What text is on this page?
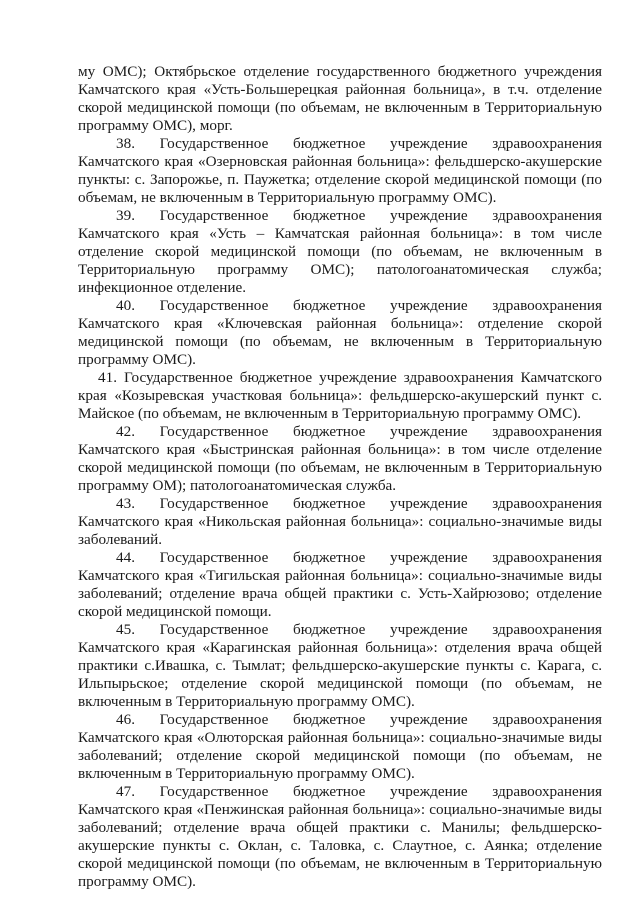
му ОМС); Октябрьское отделение государственного бюджетного учреждения Камчатского края «Усть-Большерецкая районная больница», в т.ч. отделение скорой медицинской помощи (по объемам, не включенным в Территориальную программу ОМС), морг.

38. Государственное бюджетное учреждение здравоохранения Камчатского края «Озерновская районная больница»: фельдшерско-акушерские пункты: с. Запорожье, п. Паужетка; отделение скорой медицинской помощи (по объемам, не включенным в Территориальную программу ОМС).

39. Государственное бюджетное учреждение здравоохранения Камчатского края «Усть – Камчатская районная больница»: в том числе отделение скорой медицинской помощи (по объемам, не включенным в Территориальную программу ОМС); патологоанатомическая служба; инфекционное отделение.

40. Государственное бюджетное учреждение здравоохранения Камчатского края «Ключевская районная больница»: отделение скорой медицинской помощи (по объемам, не включенным в Территориальную программу ОМС).

41. Государственное бюджетное учреждение здравоохранения Камчатского края «Козыревская участковая больница»: фельдшерско-акушерский пункт с. Майское (по объемам, не включенным в Территориальную программу ОМС).

42. Государственное бюджетное учреждение здравоохранения Камчатского края «Быстринская районная больница»: в том числе отделение скорой медицинской помощи (по объемам, не включенным в Территориальную программу ОМ); патологоанатомическая служба.

43. Государственное бюджетное учреждение здравоохранения Камчатского края «Никольская районная больница»: социально-значимые виды заболеваний.

44. Государственное бюджетное учреждение здравоохранения Камчатского края «Тигильская районная больница»: социально-значимые виды заболеваний; отделение врача общей практики с. Усть-Хайрюзово; отделение скорой медицинской помощи.

45. Государственное бюджетное учреждение здравоохранения Камчатского края «Карагинская районная больница»: отделения врача общей практики с.Ивашка, с. Тымлат; фельдшерско-акушерские пункты с. Карага, с. Ильпырьское; отделение скорой медицинской помощи (по объемам, не включенным в Территориальную программу ОМС).

46. Государственное бюджетное учреждение здравоохранения Камчатского края «Олюторская районная больница»: социально-значимые виды заболеваний; отделение скорой медицинской помощи (по объемам, не включенным в Территориальную программу ОМС).

47. Государственное бюджетное учреждение здравоохранения Камчатского края «Пенжинская районная больница»: социально-значимые виды заболеваний; отделение врача общей практики с. Манилы; фельдшерско-акушерские пункты с. Оклан, с. Таловка, с. Слаутное, с. Аянка; отделение скорой медицинской помощи (по объемам, не включенным в Территориальную программу ОМС).
